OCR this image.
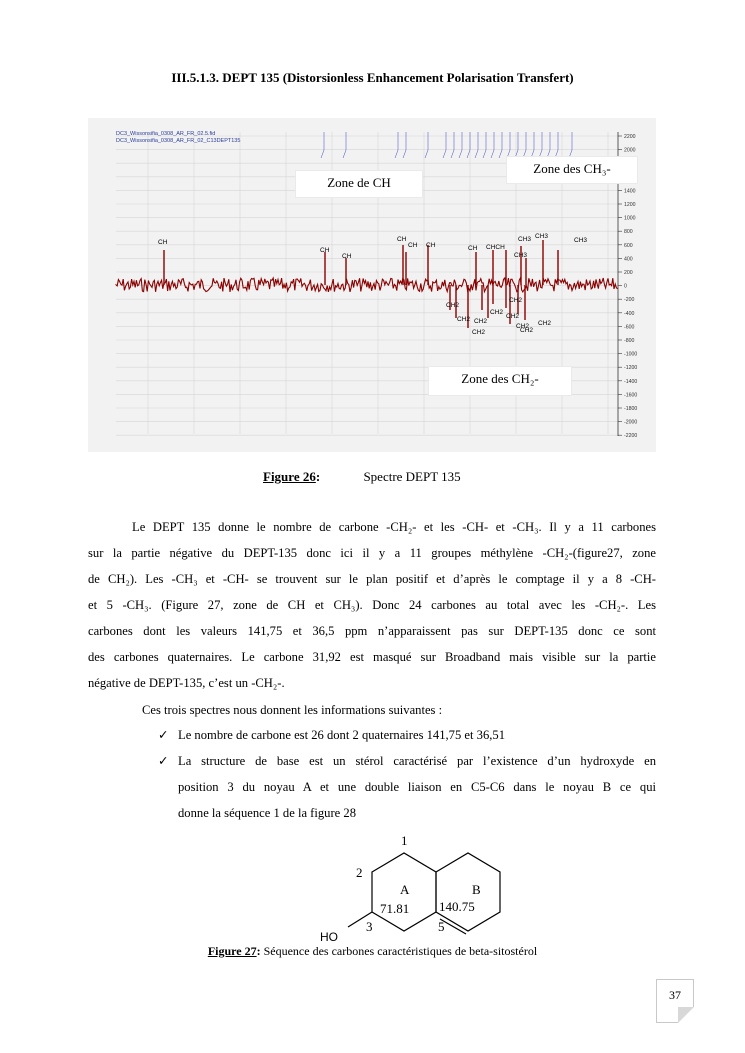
III.5.1.3. DEPT 135 (Distorsionless Enhancement Polarisation Transfert)
2200
2000
1400
1200
1000
800
600
400
200
0
-200
-400
-600
-800
-1000
-1200
-1400
-1600
-1800
-2000
-2200
DC3_Wissonsifia_0308_AR_FR_02.5.fid
DC3_Wissonsifia_0308_AR_FR_02_C13DEPT135
CH
CH
CH
CH
CH CH	CH CHCH
CH3 CH3
CH3
CH3
CH2
CH2 CH2
CH2
CH2
CH2
CH2
CH2 CH2
CH2
Zone de CH
Zone des CH₃-
Zone des CH₂-
Figure 26:	Spectre DEPT 135
Le DEPT 135 donne le nombre de carbone -CH₂- et les -CH- et -CH₃. Il y a 11 carbones
sur la partie négative du DEPT-135 donc ici il y a 11 groupes méthylène -CH₂-(figure27, zone
de CH₂). Les -CH₃ et -CH- se trouvent sur le plan positif et d’après le comptage il y a 8 -CH-
et 5 -CH₃. (Figure 27, zone de CH et CH₃). Donc 24 carbones au total avec les -CH₂-. Les
carbones dont les valeurs 141,75 et 36,5 ppm n’apparaissent pas sur DEPT-135 donc ce sont
des carbones quaternaires. Le carbone 31,92 est masqué sur Broadband mais visible sur la partie
négative de DEPT-135, c’est un -CH₂-.
Ces trois spectres nous donnent les informations suivantes :
✓ Le nombre de carbone est 26 dont 2 quaternaires 141,75 et 36,51
✓ La structure de base est un stérol caractérisé par l’existence d’un hydroxyde en
position 3 du noyau A et une double liaison en C5-C6 dans le noyau B ce qui
donne la séquence 1 de la figure 28
1
2
3	5
A	B
71.81 140.75
HO
Figure 27: Séquence des carbones caractéristiques de beta-sitostérol
37
